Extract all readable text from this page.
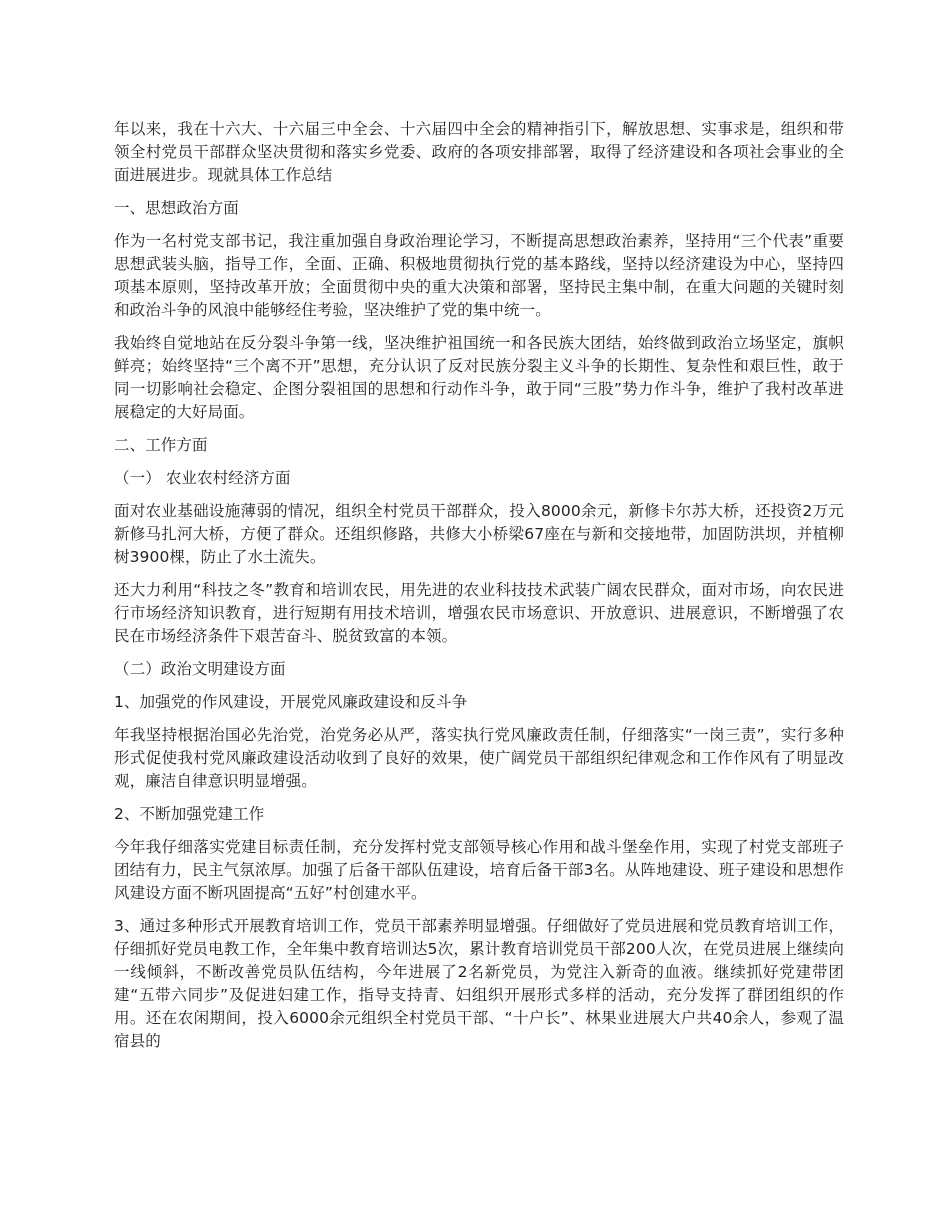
年以来，我在十六大、十六届三中全会、十六届四中全会的精神指引下，解放思想、实事求是，组织和带领全村党员干部群众坚决贯彻和落实乡党委、政府的各项安排部署，取得了经济建设和各项社会事业的全面进展进步。现就具体工作总结

一、思想政治方面

作为一名村党支部书记，我注重加强自身政治理论学习，不断提高思想政治素养，坚持用“三个代表”重要思想武装头脑，指导工作，全面、正确、积极地贯彻执行党的基本路线，坚持以经济建设为中心，坚持四项基本原则，坚持改革开放；全面贯彻中央的重大决策和部署，坚持民主集中制，在重大问题的关键时刻和政治斗争的风浪中能够经住考验，坚决维护了党的集中统一。

我始终自觉地站在反分裂斗争第一线，坚决维护祖国统一和各民族大团结，始终做到政治立场坚定，旗帜鲜亮；始终坚持“三个离不开”思想，充分认识了反对民族分裂主义斗争的长期性、复杂性和艰巨性，敢于同一切影响社会稳定、企图分裂祖国的思想和行动作斗争，敢于同“三股”势力作斗争，维护了我村改革进展稳定的大好局面。

二、工作方面

（一） 农业农村经济方面

面对农业基础设施薄弱的情况，组织全村党员干部群众，投入8000余元，新修卡尔苏大桥，还投资2万元新修马扎河大桥，方便了群众。还组织修路，共修大小桥梁67座在与新和交接地带，加固防洪坝，并植柳树3900棵，防止了水土流失。

还大力利用“科技之冬”教育和培训农民，用先进的农业科技技术武装广阔农民群众，面对市场，向农民进行市场经济知识教育，进行短期有用技术培训，增强农民市场意识、开放意识、进展意识，不断增强了农民在市场经济条件下艰苦奋斗、脱贫致富的本领。

（二）政治文明建设方面

1、加强党的作风建设，开展党风廉政建设和反斗争

年我坚持根据治国必先治党，治党务必从严，落实执行党风廉政责任制，仔细落实“一岗三责”，实行多种形式促使我村党风廉政建设活动收到了良好的效果，使广阔党员干部组织纪律观念和工作作风有了明显改观，廉洁自律意识明显增强。

2、不断加强党建工作

今年我仔细落实党建目标责任制，充分发挥村党支部领导核心作用和战斗堡垒作用，实现了村党支部班子团结有力，民主气氛浓厚。加强了后备干部队伍建设，培育后备干部3名。从阵地建设、班子建设和思想作风建设方面不断巩固提高“五好”村创建水平。

3、通过多种形式开展教育培训工作，党员干部素养明显增强。仔细做好了党员进展和党员教育培训工作，仔细抓好党员电教工作，全年集中教育培训达5次，累计教育培训党员干部200人次，在党员进展上继续向一线倾斜，不断改善党员队伍结构，今年进展了2名新党员，为党注入新奇的血液。继续抓好党建带团建“五带六同步”及促进妇建工作，指导支持青、妇组织开展形式多样的活动，充分发挥了群团组织的作用。还在农闲期间，投入6000余元组织全村党员干部、“十户长”、林果业进展大户共40余人，参观了温宿县的
